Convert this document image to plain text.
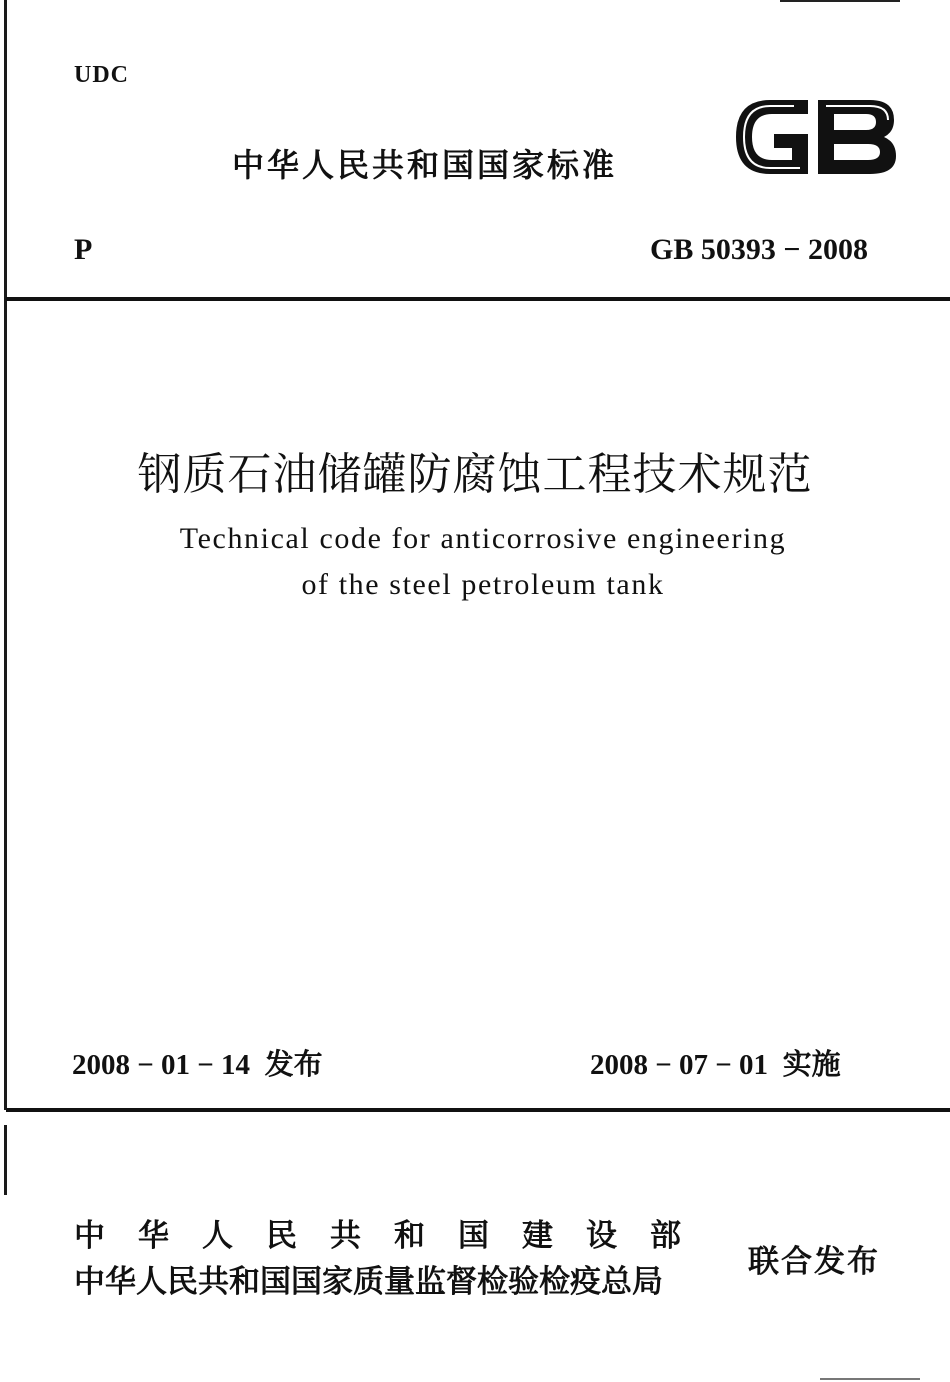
UDC
中华人民共和国国家标准
P	GB 50393 − 2008
钢质石油储罐防腐蚀工程技术规范
Technical code for anticorrosive engineering
of the steel petroleum tank
2008 − 01 − 14 发布	2008 − 07 − 01 实施
中华人民共和国建设部
中华人民共和国国家质量监督检验检疫总局
联合发布
